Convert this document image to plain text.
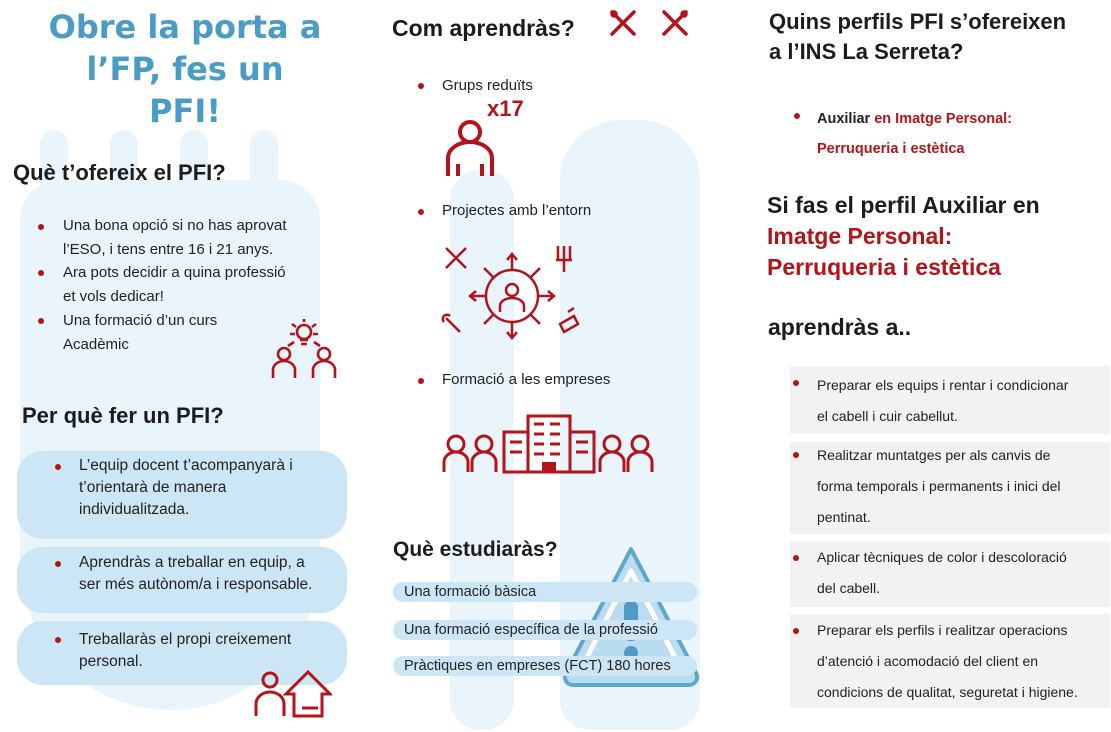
Obre la porta a
l’FP, fes un
PFI!
Què t’ofereix el PFI?
Una bona opció si no has aprovat
l’ESO, i tens entre 16 i 21 anys.
Ara pots decidir a quina professió
et vols dedicar!
Una formació d’un curs
Acadèmic
Per què fer un PFI?
L’equip docent t’acompanyarà i
t’orientarà de manera
individualitzada.
Aprendràs a treballar en equip, a
ser més autònom/a i responsable.
Treballaràs el propi creixement
personal.
Com aprendràs?
Grups reduïts
x17
Projectes amb l’entorn
Formació a les empreses
Què estudiaràs?
Una formació bàsica
Una formació específica de la professió
Pràctiques en empreses (FCT) 180 hores
Quins perfils PFI s’ofereixen
a l’INS La Serreta?
Auxiliar en Imatge Personal:
Perruqueria i estètica
Si fas el perfil Auxiliar en
Imatge Personal:
Perruqueria i estètica
aprendràs a..
Preparar els equips i rentar i condicionar
el cabell i cuir cabellut.
Realitzar muntatges per als canvis de
forma temporals i permanents i inici del
pentinat.
Aplicar tècniques de color i descoloració
del cabell.
Preparar els perfils i realitzar operacions
d’atenció i acomodació del client en
condicions de qualitat, seguretat i higiene.
